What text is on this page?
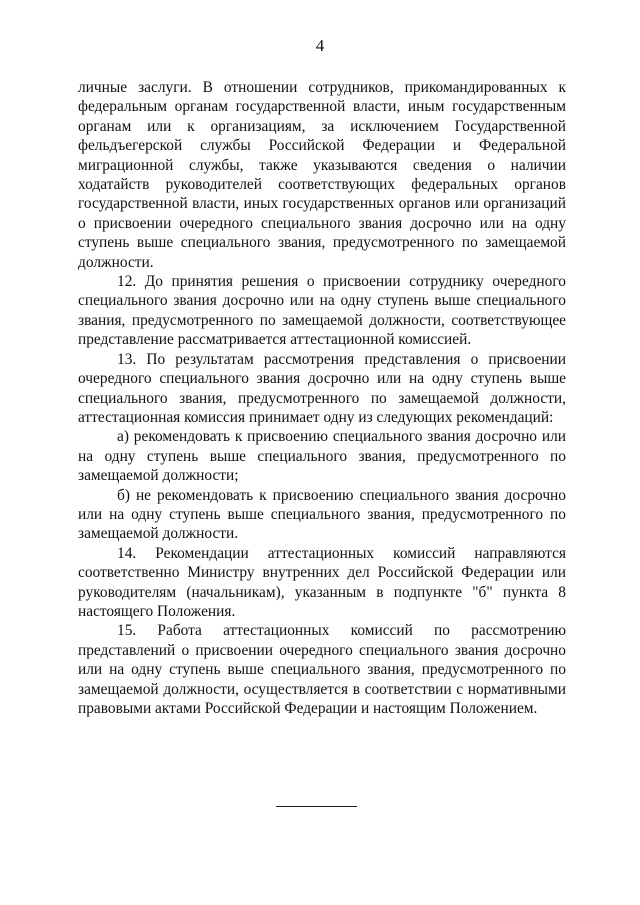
4

личные заслуги. В отношении сотрудников, прикомандированных к федеральным органам государственной власти, иным государственным органам или к организациям, за исключением Государственной фельдъегерской службы Российской Федерации и Федеральной миграционной службы, также указываются сведения о наличии ходатайств руководителей соответствующих федеральных органов государственной власти, иных государственных органов или организаций о присвоении очередного специального звания досрочно или на одну ступень выше специального звания, предусмотренного по замещаемой должности.

12. До принятия решения о присвоении сотруднику очередного специального звания досрочно или на одну ступень выше специального звания, предусмотренного по замещаемой должности, соответствующее представление рассматривается аттестационной комиссией.

13. По результатам рассмотрения представления о присвоении очередного специального звания досрочно или на одну ступень выше специального звания, предусмотренного по замещаемой должности, аттестационная комиссия принимает одну из следующих рекомендаций:

а) рекомендовать к присвоению специального звания досрочно или на одну ступень выше специального звания, предусмотренного по замещаемой должности;

б) не рекомендовать к присвоению специального звания досрочно или на одну ступень выше специального звания, предусмотренного по замещаемой должности.

14. Рекомендации аттестационных комиссий направляются соответственно Министру внутренних дел Российской Федерации или руководителям (начальникам), указанным в подпункте "б" пункта 8 настоящего Положения.

15. Работа аттестационных комиссий по рассмотрению представлений о присвоении очередного специального звания досрочно или на одну ступень выше специального звания, предусмотренного по замещаемой должности, осуществляется в соответствии с нормативными правовыми актами Российской Федерации и настоящим Положением.
